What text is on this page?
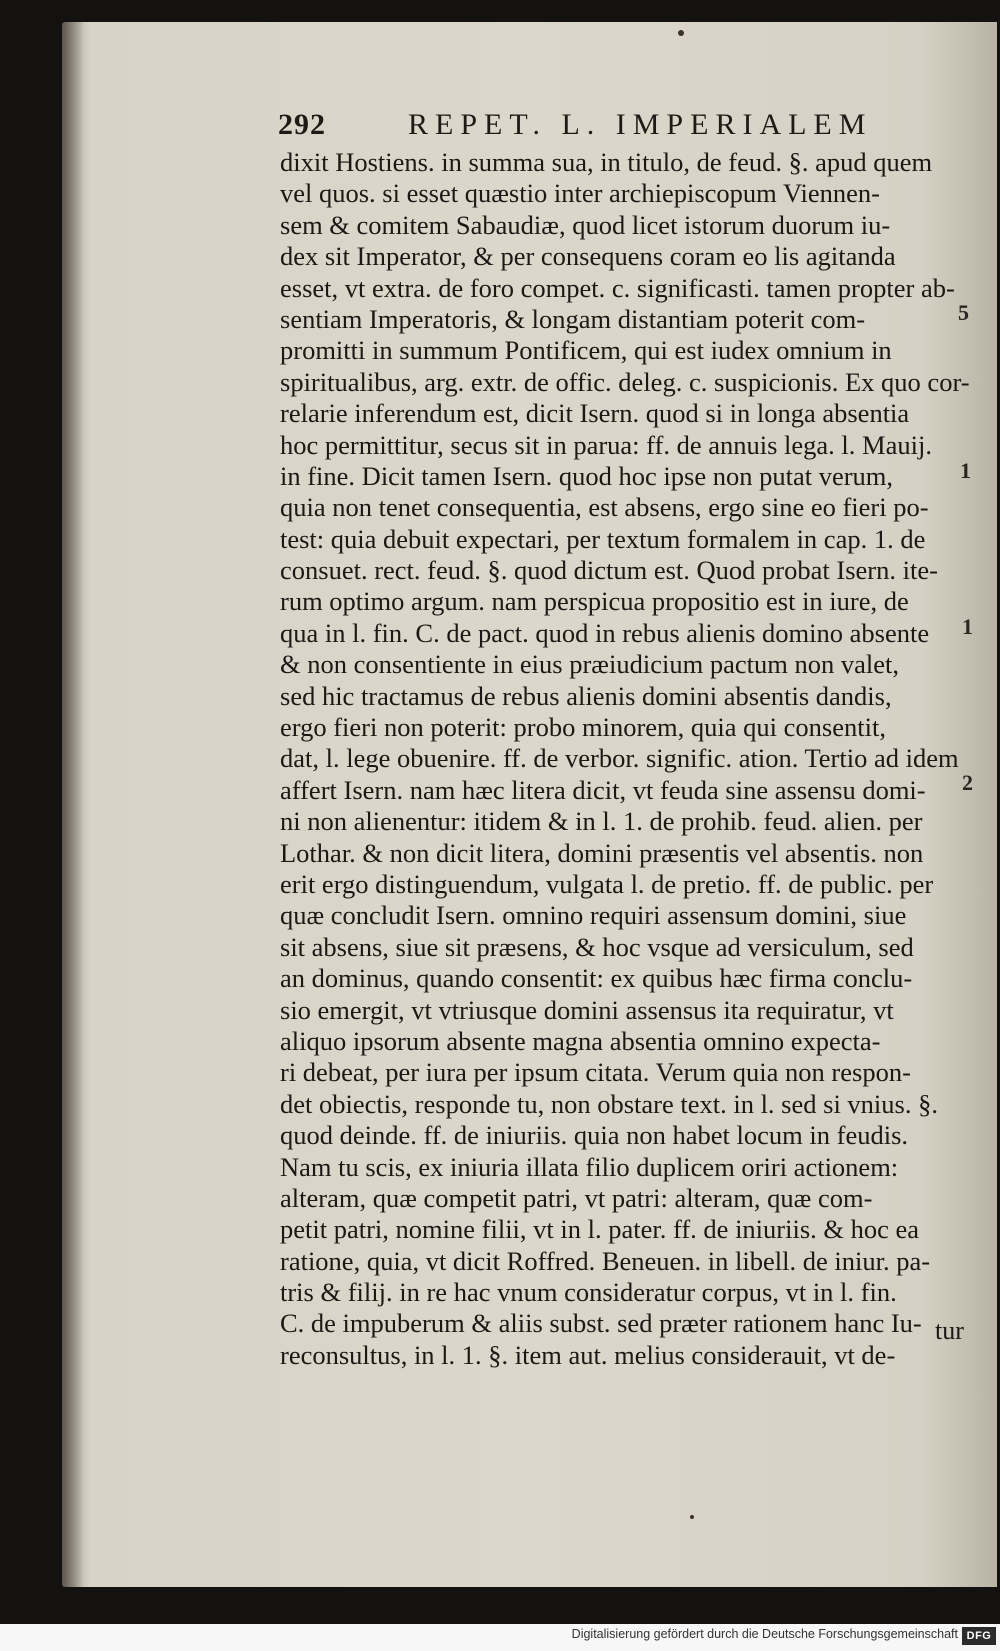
292	REPET. L. IMPERIALEM
dixit Hostiens. in summa sua, in titulo, de feud. §. apud quem
vel quos. si esset quæstio inter archiepiscopum Viennen-
sem & comitem Sabaudiæ, quod licet istorum duorum iu-
dex sit Imperator, & per consequens coram eo lis agitanda
esset, vt extra. de foro compet. c. significasti. tamen propter ab-
sentiam Imperatoris, & longam distantiam poterit com-
promitti in summum Pontificem, qui est iudex omnium in
spiritualibus, arg. extr. de offic. deleg. c. suspicionis. Ex quo cor-
relarie inferendum est, dicit Isern. quod si in longa absentia
hoc permittitur, secus sit in parua: ff. de annuis lega. l. Mauij.
in fine. Dicit tamen Isern. quod hoc ipse non putat verum,
quia non tenet consequentia, est absens, ergo sine eo fieri po-
test: quia debuit expectari, per textum formalem in cap. 1. de
consuet. rect. feud. §. quod dictum est. Quod probat Isern. ite-
rum optimo argum. nam perspicua propositio est in iure, de
qua in l. fin. C. de pact. quod in rebus alienis domino absente
& non consentiente in eius præiudicium pactum non valet,
sed hic tractamus de rebus alienis domini absentis dandis,
ergo fieri non poterit: probo minorem, quia qui consentit,
dat, l. lege obuenire. ff. de verbor. signific. ation. Tertio ad idem
affert Isern. nam hæc litera dicit, vt feuda sine assensu domi-
ni non alienentur: itidem & in l. 1. de prohib. feud. alien. per
Lothar. & non dicit litera, domini præsentis vel absentis. non
erit ergo distinguendum, vulgata l. de pretio. ff. de public. per
quæ concludit Isern. omnino requiri assensum domini, siue
sit absens, siue sit præsens, & hoc vsque ad versiculum, sed
an dominus, quando consentit: ex quibus hæc firma conclu-
sio emergit, vt vtriusque domini assensus ita requiratur, vt
aliquo ipsorum absente magna absentia omnino expecta-
ri debeat, per iura per ipsum citata. Verum quia non respon-
det obiectis, responde tu, non obstare text. in l. sed si vnius. §.
quod deinde. ff. de iniuriis. quia non habet locum in feudis.
Nam tu scis, ex iniuria illata filio duplicem oriri actionem:
alteram, quæ competit patri, vt patri: alteram, quæ com-
petit patri, nomine filii, vt in l. pater. ff. de iniuriis. & hoc ea
ratione, quia, vt dicit Roffred. Beneuen. in libell. de iniur. pa-
tris & filij. in re hac vnum consideratur corpus, vt in l. fin.
C. de impuberum & aliis subst. sed præter rationem hanc Iu-
reconsultus, in l. 1. §. item aut. melius considerauit, vt de-
tur
5
1
1
2
Digitalisierung gefördert durch die Deutsche Forschungsgemeinschaft DFG
